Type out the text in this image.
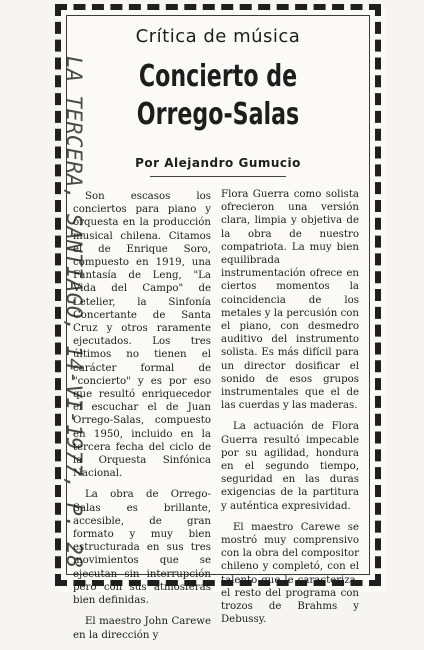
LA TERCERA, SANTIAGO, 14-VI-1977, P. 28
Crítica de música
Concierto de
Orrego-Salas
Por Alejandro Gumucio

Son escasos los conciertos para piano y orquesta en la producción musical chilena. Citamos el de Enrique Soro, compuesto en 1919, una Fantasía de Leng, "La Vida del Campo" de Letelier, la Sinfonía Concertante de Santa Cruz y otros raramente ejecutados. Los tres últimos no tienen el carácter formal de "concierto" y es por eso que resultó enriquecedor el escuchar el de Juan Orrego-Salas, compuesto en 1950, incluido en la tercera fecha del ciclo de la Orquesta Sinfónica Nacional.

La obra de Orrego-Salas es brillante, accesible, de gran formato y muy bien estructurada en sus tres movimientos que se ejecutan sin interrupción pero con sus atmósferas bien definidas.

El maestro John Carewe en la dirección y

Flora Guerra como solista ofrecieron una versión clara, limpia y objetiva de la obra de nuestro compatriota. La muy bien equilibrada instrumentación ofrece en ciertos momentos la coincidencia de los metales y la percusión con el piano, con desmedro auditivo del instrumento solista. Es más difícil para un director dosificar el sonido de esos grupos instrumentales que el de las cuerdas y las maderas.

La actuación de Flora Guerra resultó impecable por su agilidad, hondura en el segundo tiempo, seguridad en las duras exigencias de la partitura y auténtica expresividad.

El maestro Carewe se mostró muy comprensivo con la obra del compositor chileno y completó, con el talento que le caracteriza, el resto del programa con trozos de Brahms y Debussy.
